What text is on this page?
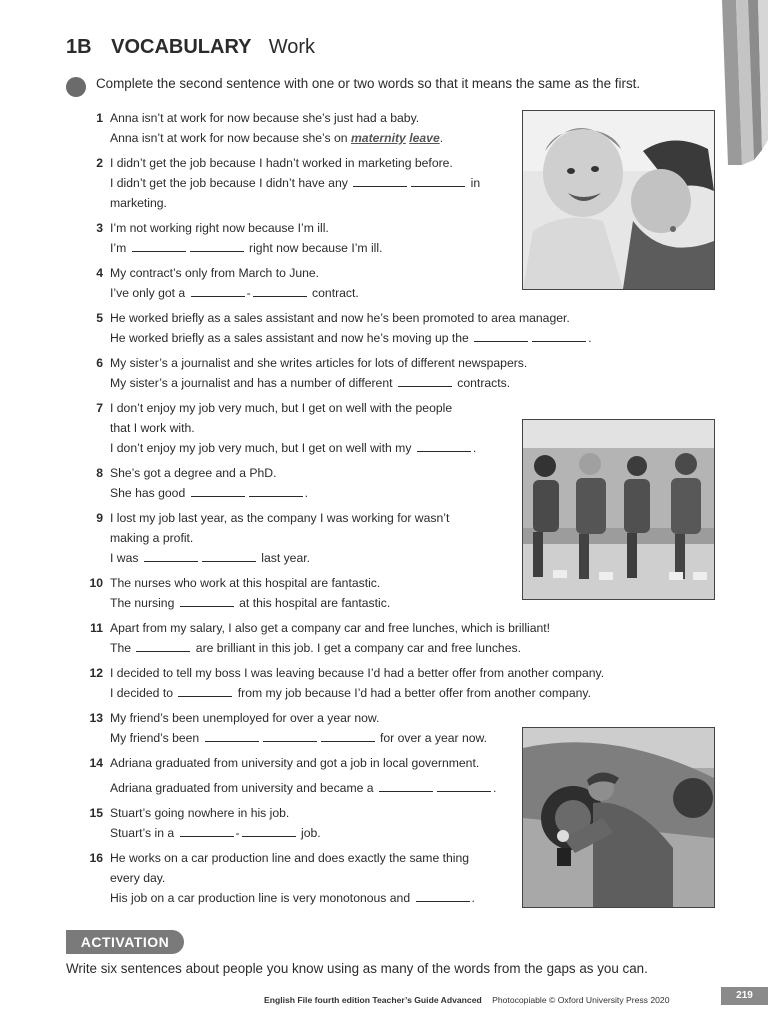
1B VOCABULARY Work
Complete the second sentence with one or two words so that it means the same as the first.
1 Anna isn’t at work for now because she’s just had a baby.
Anna isn’t at work for now because she’s on maternity leave.
2 I didn’t get the job because I hadn’t worked in marketing before.
I didn’t get the job because I didn’t have any	in
marketing.
3 I’m not working right now because I’m ill.
I’m	right now because I’m ill.
4 My contract’s only from March to June.
I’ve only got a	-	contract.
5 He worked briefly as a sales assistant and now he’s been promoted to area manager.
He worked briefly as a sales assistant and now he’s moving up the	.
6 My sister’s a journalist and she writes articles for lots of different newspapers.
My sister’s a journalist and has a number of different	contracts.
7 I don’t enjoy my job very much, but I get on well with the people
that I work with.
I don’t enjoy my job very much, but I get on well with my	.
8 She’s got a degree and a PhD.
She has good	.
9 I lost my job last year, as the company I was working for wasn’t
making a profit.
I was	last year.
10 The nurses who work at this hospital are fantastic.
The nursing	at this hospital are fantastic.
11 Apart from my salary, I also get a company car and free lunches, which is brilliant!
The	are brilliant in this job. I get a company car and free lunches.
12 I decided to tell my boss I was leaving because I’d had a better offer from another company.
I decided to	from my job because I’d had a better offer from another company.
13 My friend’s been unemployed for over a year now.
My friend’s been	for over a year now.
14 Adriana graduated from university and got a job in local government.
Adriana graduated from university and became a	.
15 Stuart’s going nowhere in his job.
Stuart’s in a	-	job.
16 He works on a car production line and does exactly the same thing
every day.
His job on a car production line is very monotonous and	.
ACTIVATION
Write six sentences about people you know using as many of the words from the gaps as you can.
English File fourth edition Teacher’s Guide Advanced Photocopiable © Oxford University Press 2020	219
